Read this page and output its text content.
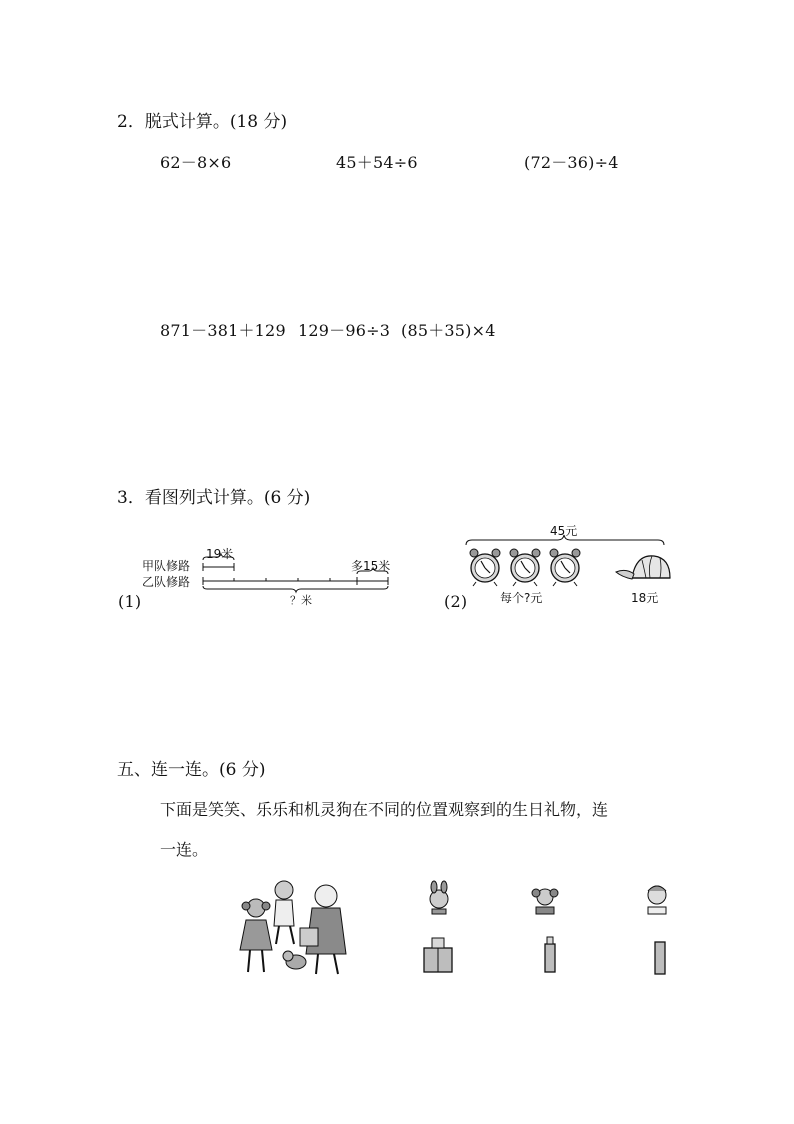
2．脱式计算。(18 分)
62－8×6	45＋54÷6	(72－36)÷4
871－381＋129 129－96÷3 (85＋35)×4
3．看图列式计算。(6 分)
(1)
甲队修路
乙队修路
19米
多15米
？米	(2)
45元
每个?元	18元
五、连一连。(6 分)
下面是笑笑、乐乐和机灵狗在不同的位置观察到的生日礼物，连
一连。
